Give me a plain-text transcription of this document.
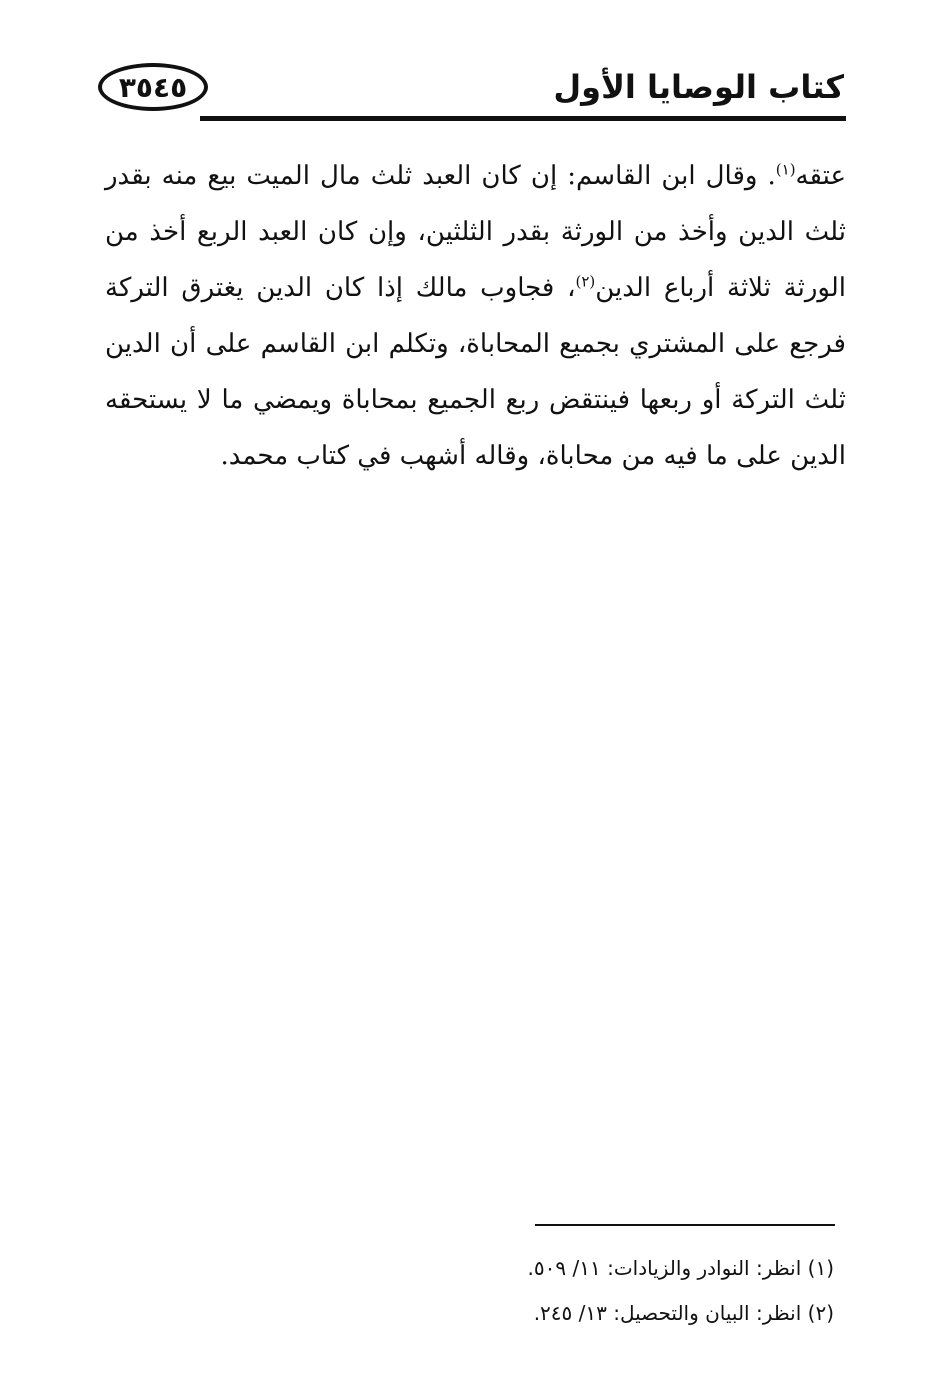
٣٥٤٥	كتاب الوصايا الأول
عتقه$^{(١)}$. وقال ابن القاسم: إن كان العبد ثلث مال الميت بيع منه بقدر ثلث الدين وأخذ من الورثة بقدر الثلثين، وإن كان العبد الربع أخذ من الورثة ثلاثة أرباع الدين$^{(٢)}$، فجاوب مالك إذا كان الدين يغترق التركة فرجع على المشتري بجميع المحاباة، وتكلم ابن القاسم على أن الدين ثلث التركة أو ربعها فينتقض ربع الجميع بمحاباة ويمضي ما لا يستحقه الدين على ما فيه من محاباة، وقاله أشهب في كتاب محمد.
(١) انظر: النوادر والزيادات: ١١/ ٥٠٩.
(٢) انظر: البيان والتحصيل: ١٣/ ٢٤٥.
